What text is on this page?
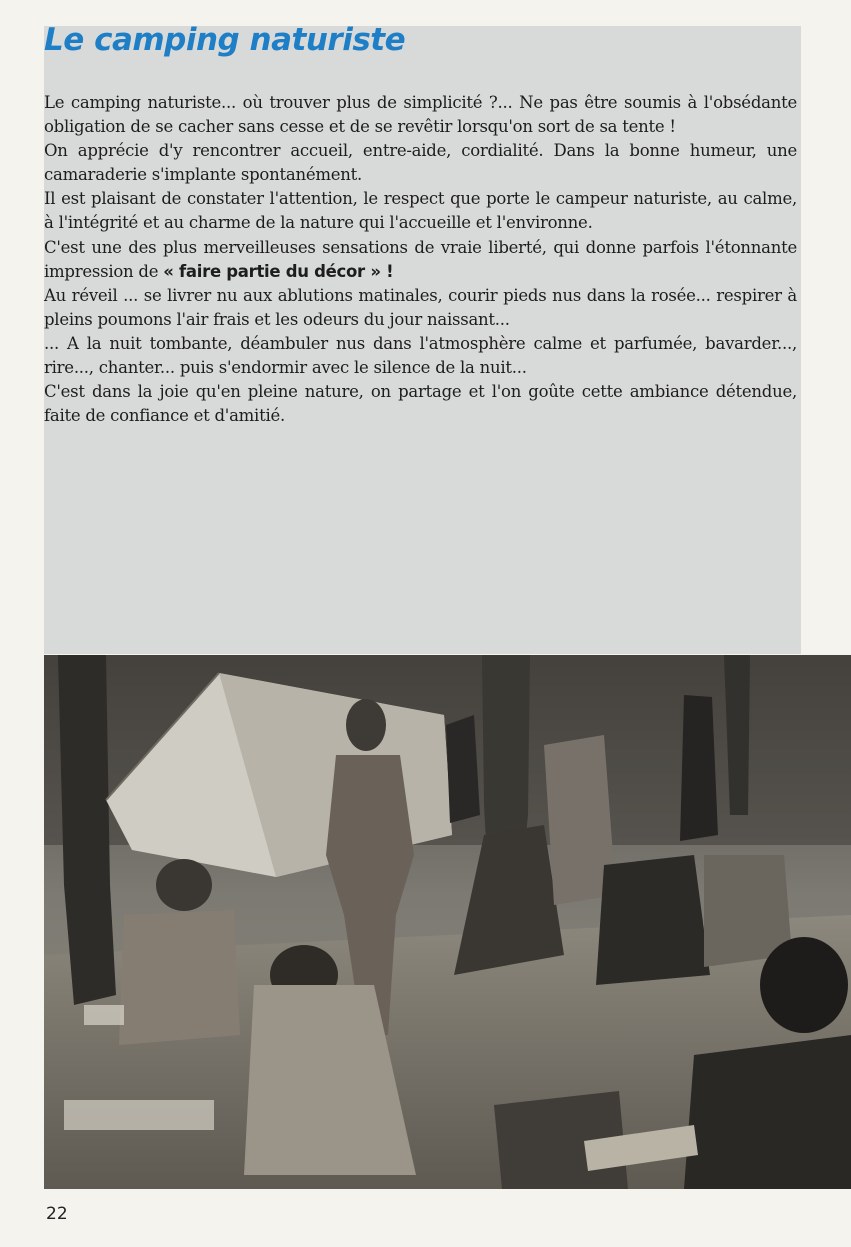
Le camping naturiste

Le camping naturiste... où trouver plus de simplicité ?... Ne pas être soumis à l'obsédante obligation de se cacher sans cesse et de se revêtir lorsqu'on sort de sa tente !

On apprécie d'y rencontrer accueil, entre-aide, cordialité. Dans la bonne humeur, une camaraderie s'implante spontanément.

Il est plaisant de constater l'attention, le respect que porte le campeur naturiste, au calme, à l'intégrité et au charme de la nature qui l'accueille et l'environne.

C'est une des plus merveilleuses sensations de vraie liberté, qui donne parfois l'étonnante impression de « faire partie du décor » !

Au réveil ... se livrer nu aux ablutions matinales, courir pieds nus dans la rosée... respirer à pleins poumons l'air frais et les odeurs du jour naissant...

... A la nuit tombante, déambuler nus dans l'atmosphère calme et parfumée, bavarder..., rire..., chanter... puis s'endormir avec le silence de la nuit...

C'est dans la joie qu'en pleine nature, on partage et l'on goûte cette ambiance détendue, faite de confiance et d'amitié.

22
